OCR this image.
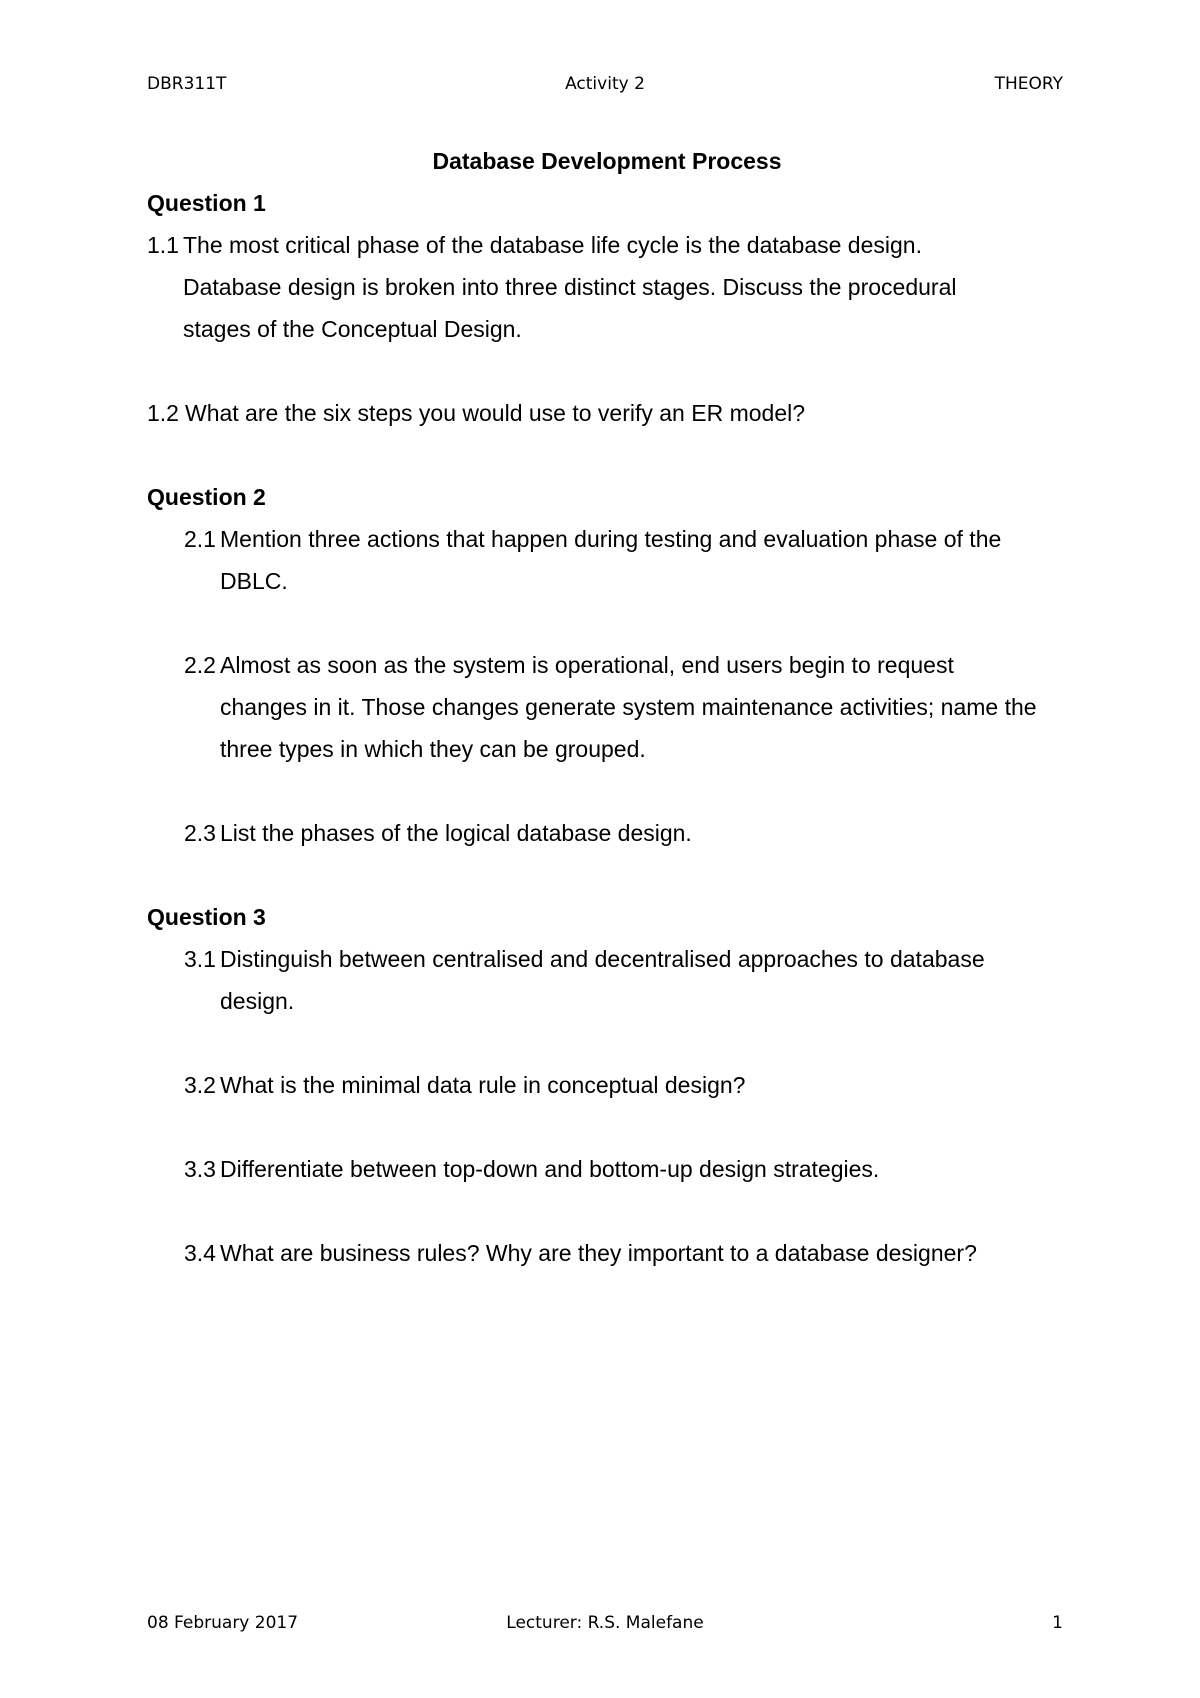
DBR311T	Activity 2	THEORY

Database Development Process

Question 1

1.1 The most critical phase of the database life cycle is the database design. Database design is broken into three distinct stages. Discuss the procedural stages of the Conceptual Design.
1.2 What are the six steps you would use to verify an ER model?

Question 2

2.1 Mention three actions that happen during testing and evaluation phase of the DBLC.
2.2 Almost as soon as the system is operational, end users begin to request changes in it. Those changes generate system maintenance activities; name the three types in which they can be grouped.
2.3 List the phases of the logical database design.

Question 3

3.1 Distinguish between centralised and decentralised approaches to database design.
3.2 What is the minimal data rule in conceptual design?
3.3 Differentiate between top-down and bottom-up design strategies.
3.4 What are business rules? Why are they important to a database designer?
08 February 2017	Lecturer: R.S. Malefane	1
